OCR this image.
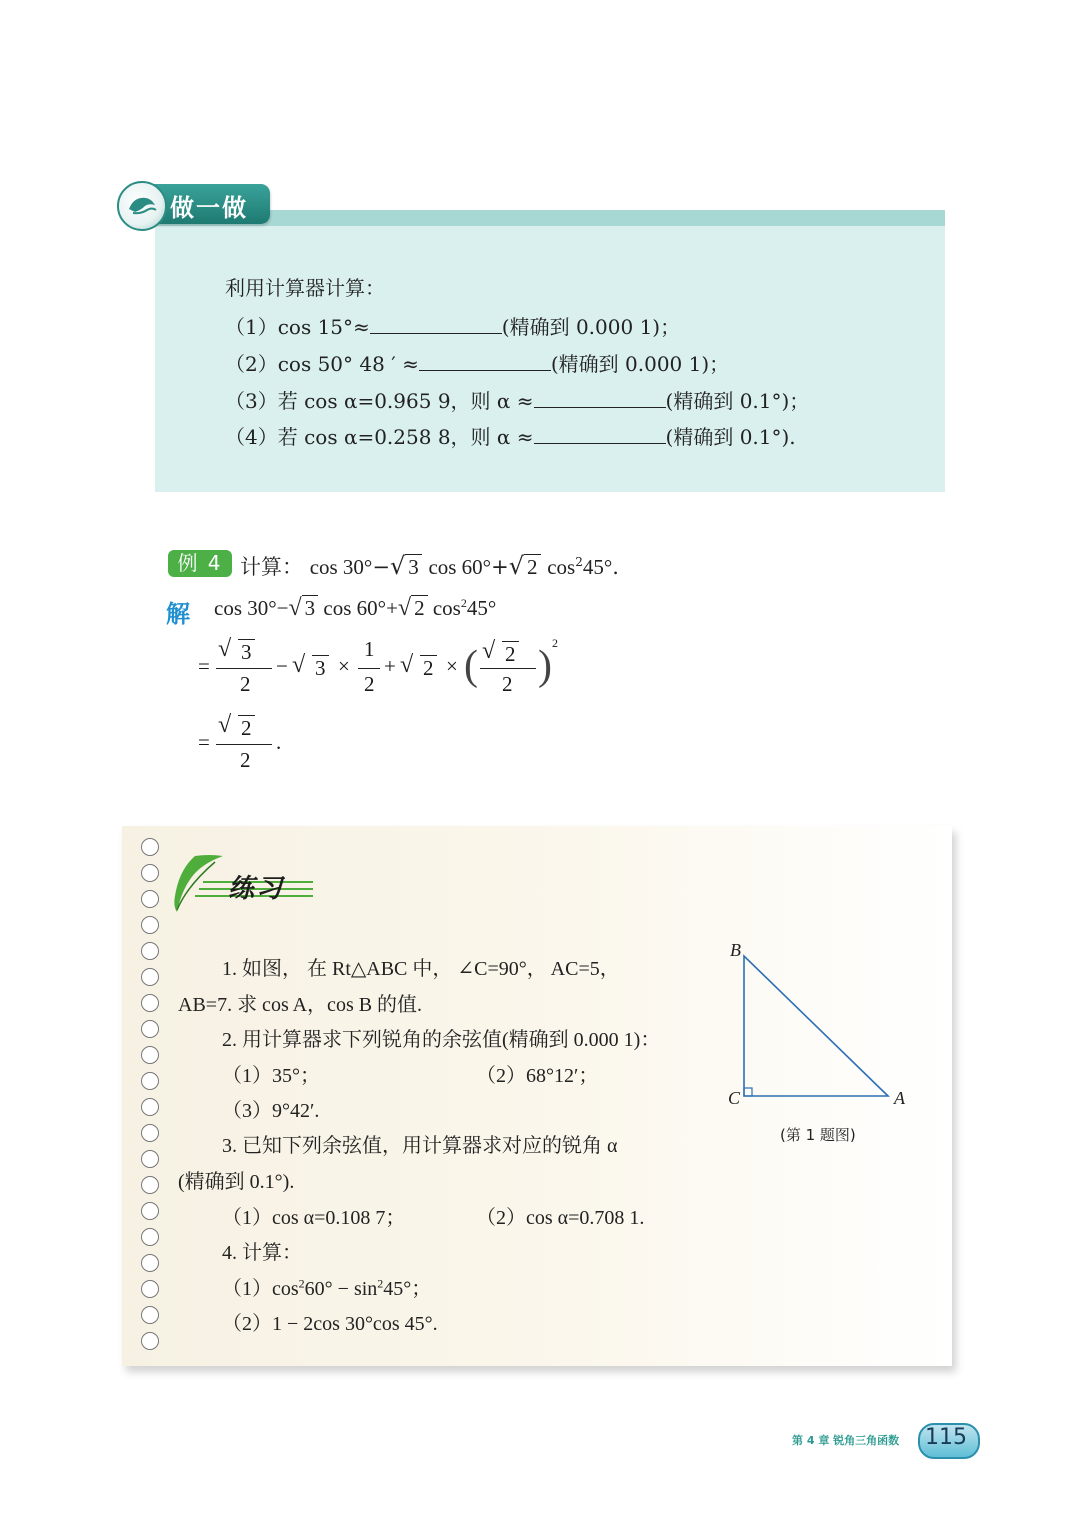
做一做
利用计算器计算：
（1）cos 15°≈	(精确到 0.000 1)；
（2）cos 50° 48 ′ ≈	(精确到 0.000 1)；
（3）若 cos α=0.965 9，则 α ≈	(精确到 0.1°)；
（4）若 cos α=0.258 8，则 α ≈	(精确到 0.1°).
例 4 计算： cos 30°−√ 3 cos 60°+√ 2 $\cos^245^\circ$.
解 cos 30°−√ 3 cos 60°+√ 2 $\cos^245^\circ$
=
√ 3
2
− √ 3 ×
1
2
+ √ 2 × ( √ 2
2 ) 2
=
√ 2
2
.
练习
1. 如图， 在 Rt△ABC 中， ∠C=90°， AC=5，
AB=7. 求 cos A，cos B 的值.
2. 用计算器求下列锐角的余弦值(精确到 0.000 1)：
（1）35°；	（2）68°12′；
（3）9°42′.
3. 已知下列余弦值，用计算器求对应的锐角 α
(精确到 0.1°).
（1）cos α=0.108 7；	（2）cos α=0.708 1.
4. 计算：
$(1)\cos^260^\circ - \sin^245^\circ$；
（2）1 − 2cos 30°cos 45°.
B
C	A
(第 1 题图)
第 4 章 锐角三角函数 115
